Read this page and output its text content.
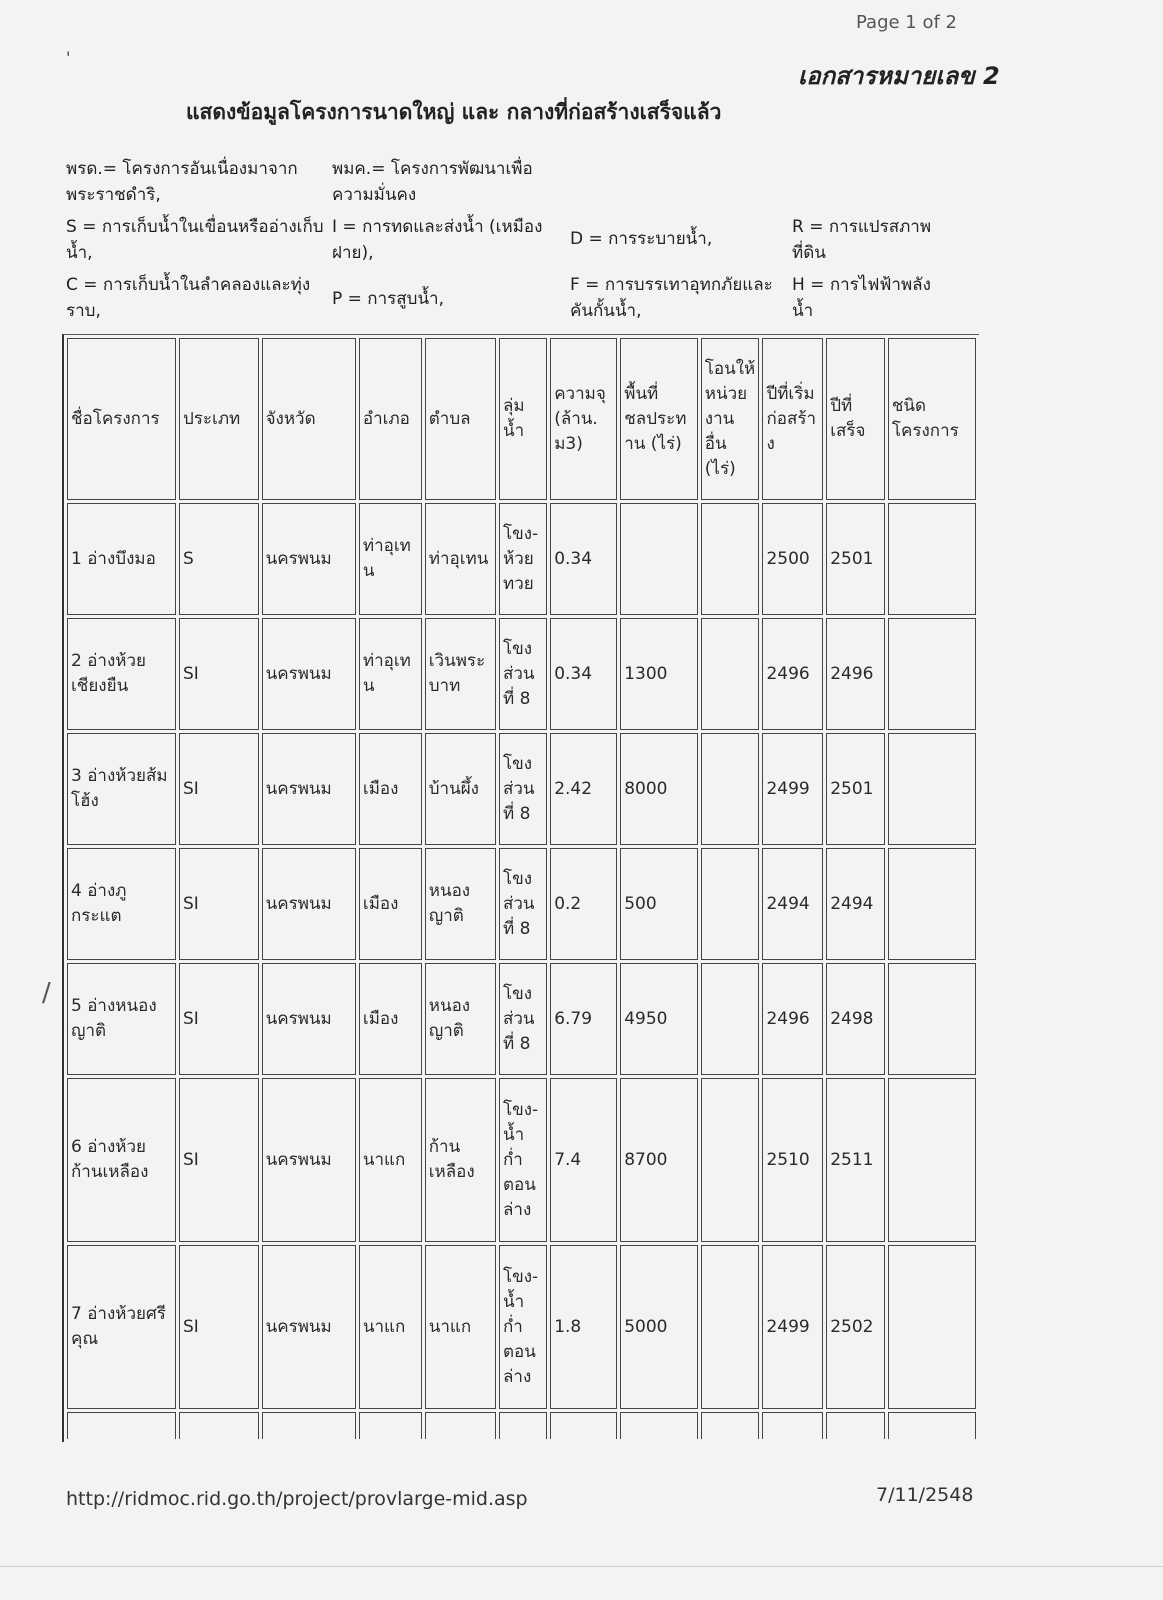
Page 1 of 2
'
เอกสารหมายเลข 2
แสดงข้อมูลโครงการนาดใหญ่ และ กลางที่ก่อสร้างเสร็จแล้ว
พรด.= โครงการอันเนื่องมาจากพระราชดำริ,
พมค.= โครงการพัฒนาเพื่อความมั่นคง
S = การเก็บน้ำในเขื่อนหรืออ่างเก็บน้ำ,
I = การทดและส่งน้ำ (เหมืองฝาย),
D = การระบายน้ำ,
R = การแปรสภาพที่ดิน
C = การเก็บน้ำในลำคลองและทุ่งราบ,
P = การสูบน้ำ,
F = การบรรเทาอุทกภัยและคันกั้นน้ำ,
H = การไฟฟ้าพลังน้ำ
ชื่อโครงการ	ประเภท	จังหวัด	อำเภอ	ตำบล	ลุ่มน้ำ	ความจุ (ล้าน. ม3)	พื้นที่ชลประทาน (ไร่)	โอนให้หน่วยงานอื่น (ไร่)	ปีที่เริ่มก่อสร้าง	ปีที่เสร็จ	ชนิดโครงการ
1 อ่างบึงมอ	S	นครพนม	ท่าอุเทน	ท่าอุเทน	โขง-ห้วยทวย	0.34			2500	2501	
2 อ่างห้วยเชียงยืน	SI	นครพนม	ท่าอุเทน	เวินพระบาท	โขงส่วนที่ 8	0.34	1300		2496	2496	
3 อ่างห้วยส้มโฮ้ง	SI	นครพนม	เมือง	บ้านผึ้ง	โขงส่วนที่ 8	2.42	8000		2499	2501	
4 อ่างภูกระแต	SI	นครพนม	เมือง	หนองญาติ	โขงส่วนที่ 8	0.2	500		2494	2494	
5 อ่างหนองญาติ	SI	นครพนม	เมือง	หนองญาติ	โขงส่วนที่ 8	6.79	4950		2496	2498	
6 อ่างห้วยก้านเหลือง	SI	นครพนม	นาแก	ก้านเหลือง	โขง-น้ำก่ำตอนล่าง	7.4	8700		2510	2511	
7 อ่างห้วยศรีคุณ	SI	นครพนม	นาแก	นาแก	โขง-น้ำก่ำตอนล่าง	1.8	5000		2499	2502	

/
http://ridmoc.rid.go.th/project/provlarge-mid.asp	7/11/2548
